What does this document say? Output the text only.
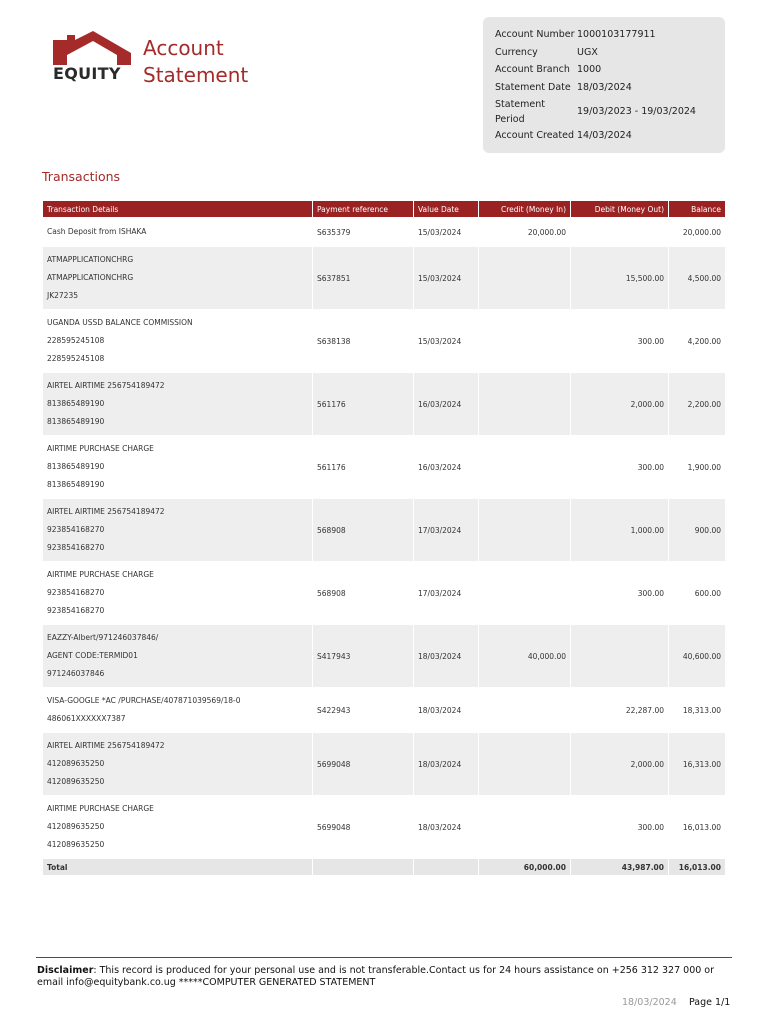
EQUITY
Account
Statement
Account Number 1000103177911
Currency	UGX
Account Branch 1000
Statement Date 18/03/2024
Statement Period
19/03/2023 - 19/03/2024
Account Created 14/03/2024
Transactions
Transaction Details	Payment reference	Value Date	Credit (Money In)	Debit (Money Out)	Balance

Cash Deposit from ISHAKA	S635379	15/03/2024	20,000.00		20,000.00

ATMAPPLICATIONCHRG
ATMAPPLICATIONCHRG
JK27235	S637851	15/03/2024		15,500.00	4,500.00

UGANDA USSD BALANCE COMMISSION
228595245108
228595245108	S638138	15/03/2024		300.00	4,200.00

AIRTEL AIRTIME 256754189472
813865489190
813865489190	561176	16/03/2024		2,000.00	2,200.00

AIRTIME PURCHASE CHARGE
813865489190
813865489190	561176	16/03/2024		300.00	1,900.00

AIRTEL AIRTIME 256754189472
923854168270
923854168270	568908	17/03/2024		1,000.00	900.00

AIRTIME PURCHASE CHARGE
923854168270
923854168270	568908	17/03/2024		300.00	600.00

EAZZY-Albert/971246037846/
AGENT CODE:TERMID01
971246037846	S417943	18/03/2024	40,000.00		40,600.00

VISA-GOOGLE *AC /PURCHASE/407871039569/18-0
486061XXXXXX7387	S422943	18/03/2024		22,287.00	18,313.00

AIRTEL AIRTIME 256754189472
412089635250
412089635250	5699048	18/03/2024		2,000.00	16,313.00

AIRTIME PURCHASE CHARGE
412089635250
412089635250	5699048	18/03/2024		300.00	16,013.00
Total			60,000.00	43,987.00	16,013.00
Disclaimer: This record is produced for your personal use and is not transferable.Contact us for 24 hours assistance on +256 312 327 000 or email info@equitybank.co.ug *****COMPUTER GENERATED STATEMENT
18/03/2024 Page 1/1
